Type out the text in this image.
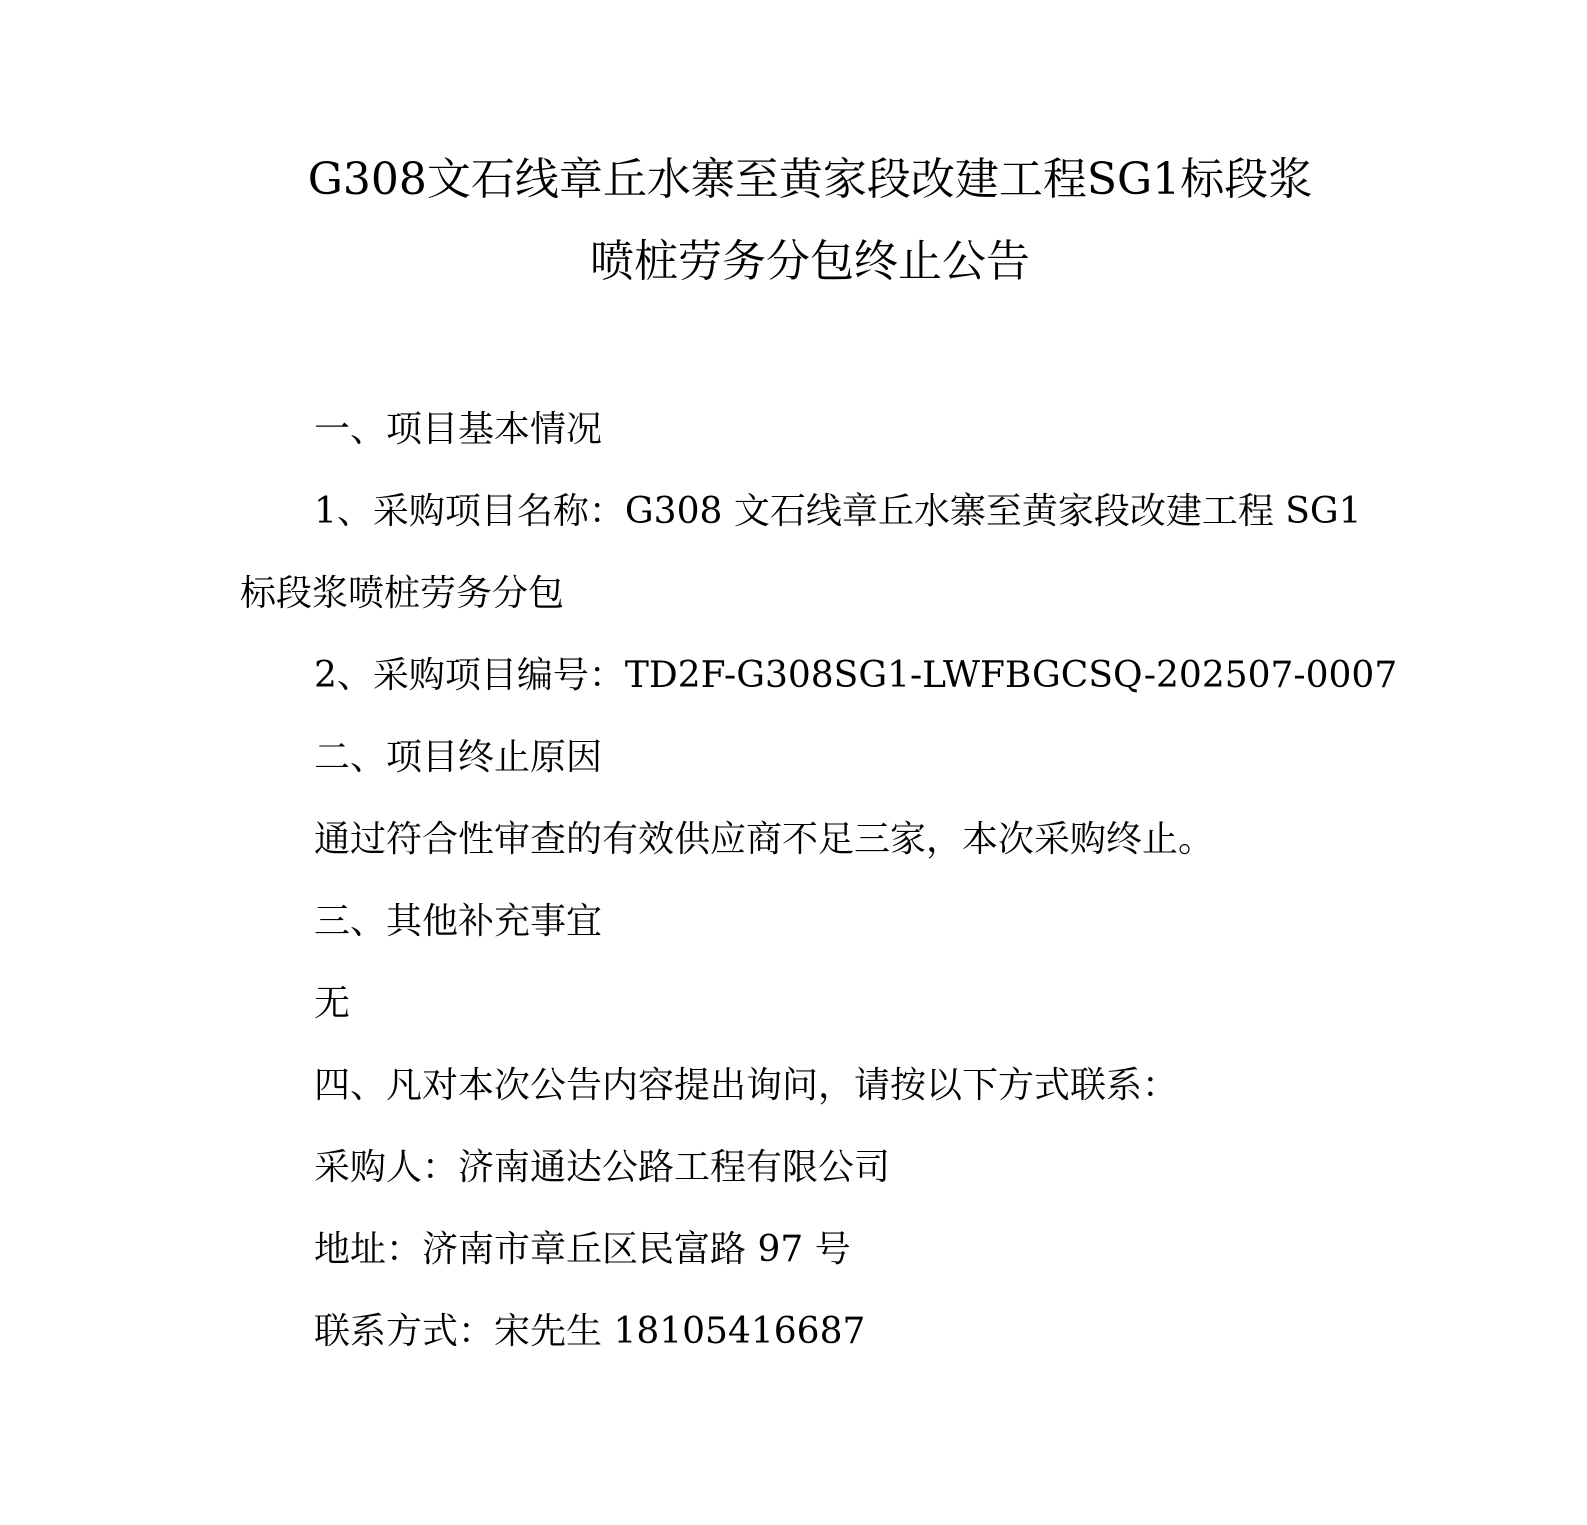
G308文石线章丘水寨至黄家段改建工程SG1标段浆
喷桩劳务分包终止公告

一、项目基本情况

1、采购项目名称：G308 文石线章丘水寨至黄家段改建工程 SG1

标段浆喷桩劳务分包

2、采购项目编号：TD2F-G308SG1-LWFBGCSQ-202507-0007

二、项目终止原因

通过符合性审查的有效供应商不足三家，本次采购终止。

三、其他补充事宜

无

四、凡对本次公告内容提出询问，请按以下方式联系：

采购人：济南通达公路工程有限公司

地址：济南市章丘区民富路 97 号

联系方式：宋先生 18105416687
